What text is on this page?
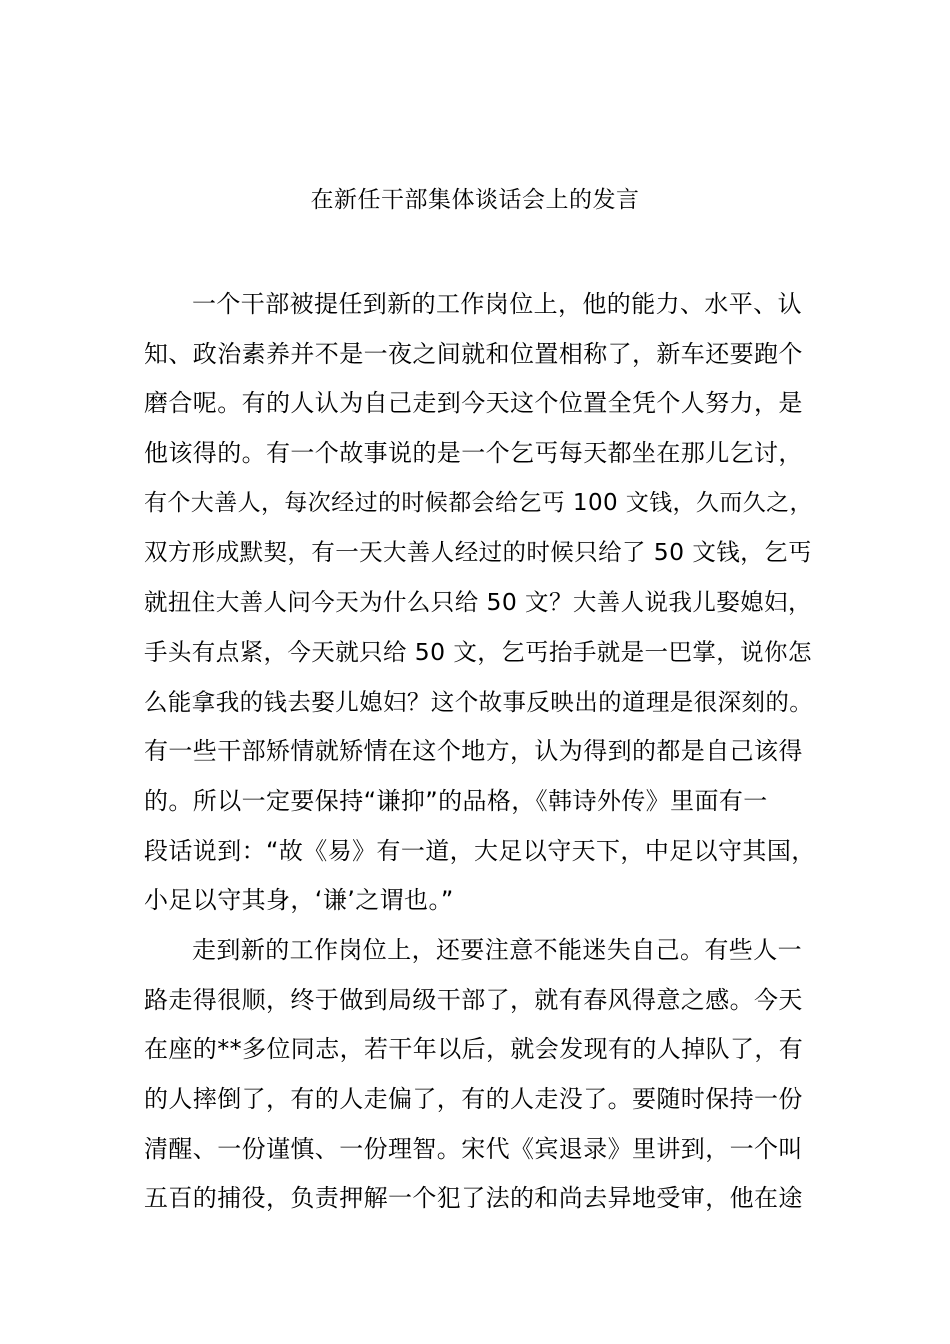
在新任干部集体谈话会上的发言
一个干部被提任到新的工作岗位上，他的能力、水平、认
知、政治素养并不是一夜之间就和位置相称了，新车还要跑个
磨合呢。有的人认为自己走到今天这个位置全凭个人努力，是
他该得的。有一个故事说的是一个乞丐每天都坐在那儿乞讨，
有个大善人，每次经过的时候都会给乞丐 100 文钱，久而久之，
双方形成默契，有一天大善人经过的时候只给了 50 文钱，乞丐
就扭住大善人问今天为什么只给 50 文？大善人说我儿娶媳妇，
手头有点紧，今天就只给 50 文，乞丐抬手就是一巴掌，说你怎
么能拿我的钱去娶儿媳妇？这个故事反映出的道理是很深刻的。
有一些干部矫情就矫情在这个地方，认为得到的都是自己该得
的。所以一定要保持“谦抑”的品格，《韩诗外传》里面有一
段话说到：“故《易》有一道，大足以守天下，中足以守其国，
小足以守其身，‘谦’之谓也。”
走到新的工作岗位上，还要注意不能迷失自己。有些人一
路走得很顺，终于做到局级干部了，就有春风得意之感。今天
在座的**多位同志，若干年以后，就会发现有的人掉队了，有
的人摔倒了，有的人走偏了，有的人走没了。要随时保持一份
清醒、一份谨慎、一份理智。宋代《宾退录》里讲到，一个叫
五百的捕役，负责押解一个犯了法的和尚去异地受审，他在途
